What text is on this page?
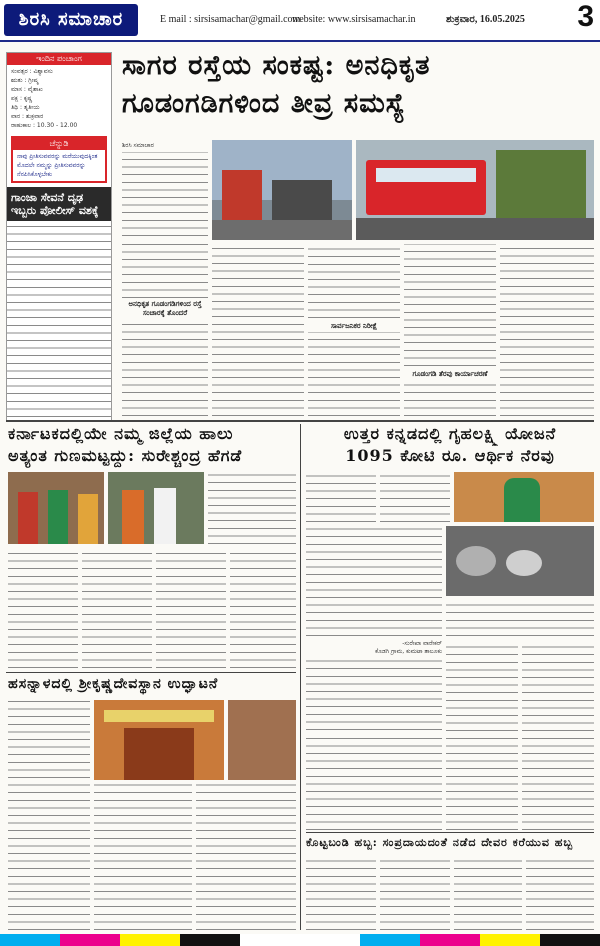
ಶಿರಸಿ ಸಮಾಚಾರ	E mail : sirsisamachar@gmail.com
website: www.sirsisamachar.in	ಶುಕ್ರವಾರ, 16.05.2025 3
ಇಂದಿನ ಪಂಚಾಂಗ
ಸಂವತ್ಸರ : ವಿಶ್ವಾವಸು
ಋತು : ಗ್ರೀಷ್ಮ
ಮಾಸ : ವೈಶಾಖ
ಪಕ್ಷ : ಕೃಷ್ಣ
ತಿಥಿ : ತೃತೀಯ
ವಾರ : ಶುಕ್ರವಾರ
ರಾಹುಕಾಲ : 10.30 - 12.00
ಚೆನ್ನುಡಿ
ನಾವು ಪ್ರೀತಿಸುವವರನ್ನು ಮರೆಯುವುದಕ್ಕಿಂತ ಮೊದಲೇ ನಮ್ಮನ್ನು ಪ್ರೀತಿಸುವವರನ್ನು ನೆನಪಿಸಿಕೊಳ್ಳಬೇಕು
ಗಾಂಜಾ ಸೇವನೆ ದೃಢ ಇಬ್ಬರು ಪೋಲೀಸ್ ವಶಕ್ಕೆ
ಸಾಗರ ರಸ್ತೆಯ ಸಂಕಷ್ಟ: ಅನಧಿಕೃತ
ಗೂಡಂಗಡಿಗಳಿಂದ ತೀವ್ರ ಸಮಸ್ಯೆ
ಶಿರಸಿ ಸಮಾಚಾರ
ಅನಧಿಕೃತ ಗೂಡಂಗಡಿಗಳಿಂದ ರಸ್ತೆ ಸಂಚಾರಕ್ಕೆ ತೊಂದರೆ
ಸಾರ್ವಜನಿಕರ ನಿರೀಕ್ಷೆ
ಗೂಡಂಗಡಿ ತೆರವು ಕಾರ್ಯಾಚರಣೆ
ಕರ್ನಾಟಕದಲ್ಲಿಯೇ ನಮ್ಮ ಜಿಲ್ಲೆಯ ಹಾಲು
ಅತ್ಯಂತ ಗುಣಮಟ್ಟದ್ದು: ಸುರೇಶ್ಚಂದ್ರ ಹೆಗಡೆ
ಉತ್ತರ ಕನ್ನಡದಲ್ಲಿ ಗೃಹಲಕ್ಷ್ಮಿ ಯೋಜನೆ
1095 ಕೋಟಿ ರೂ. ಆರ್ಥಿಕ ನೆರವು
-ಸುರೇಖಾ ವಾರೇಕರ್
ಕೊಡಗಿ ಗ್ರಾಮ, ಕುಮಟಾ ತಾಲೂಕು
ಹಸನ್ನಾಳದಲ್ಲಿ ಶ್ರೀಕೃಷ್ಣದೇವಸ್ಥಾನ ಉದ್ಘಾಟನೆ
ಕೊಟ್ಟಬಂಡಿ ಹಬ್ಬ: ಸಂಪ್ರದಾಯದಂತೆ ನಡೆದ ದೇವರ ಕರೆಯುವ ಹಬ್ಬ
